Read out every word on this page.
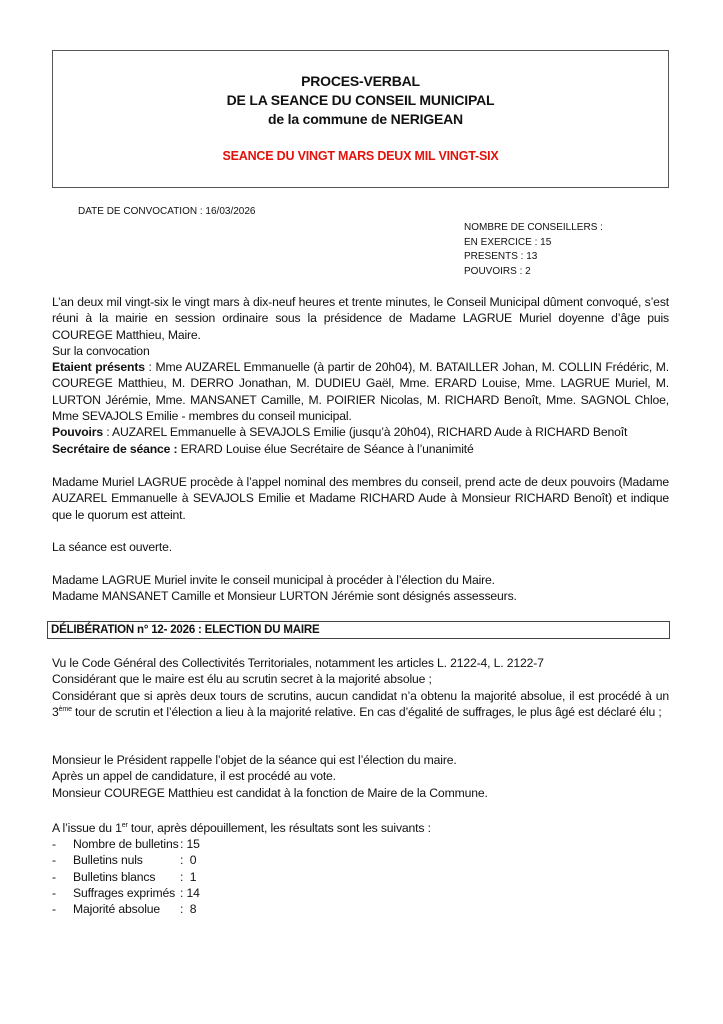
PROCES-VERBAL
DE LA SEANCE DU CONSEIL MUNICIPAL
de la commune de NERIGEAN
SEANCE DU VINGT MARS DEUX MIL VINGT-SIX
DATE DE CONVOCATION : 16/03/2026
NOMBRE DE CONSEILLERS :
EN EXERCICE : 15
PRESENTS : 13
POUVOIRS : 2

L’an deux mil vingt-six le vingt mars à dix-neuf heures et trente minutes, le Conseil Municipal dûment convoqué, s’est réuni à la mairie en session ordinaire sous la présidence de Madame LAGRUE Muriel doyenne d’âge puis COUREGE Matthieu, Maire.

Sur la convocation

Etaient présents : Mme AUZAREL Emmanuelle (à partir de 20h04), M. BATAILLER Johan, M. COLLIN Frédéric, M. COUREGE Matthieu, M. DERRO Jonathan, M. DUDIEU Gaël, Mme. ERARD Louise, Mme. LAGRUE Muriel, M. LURTON Jérémie, Mme. MANSANET Camille, M. POIRIER Nicolas, M. RICHARD Benoît, Mme. SAGNOL Chloe, Mme SEVAJOLS Emilie - membres du conseil municipal.

Pouvoirs : AUZAREL Emmanuelle à SEVAJOLS Emilie (jusqu’à 20h04), RICHARD Aude à RICHARD Benoît

Secrétaire de séance : ERARD Louise élue Secrétaire de Séance à l’unanimité

Madame Muriel LAGRUE procède à l’appel nominal des membres du conseil, prend acte de deux pouvoirs (Madame AUZAREL Emmanuelle à SEVAJOLS Emilie et Madame RICHARD Aude à Monsieur RICHARD Benoît) et indique que le quorum est atteint.

La séance est ouverte.

Madame LAGRUE Muriel invite le conseil municipal à procéder à l’élection du Maire.

Madame MANSANET Camille et Monsieur LURTON Jérémie sont désignés assesseurs.

DÉLIBÉRATION n° 12- 2026 : ELECTION DU MAIRE

Vu le Code Général des Collectivités Territoriales, notamment les articles L. 2122-4, L. 2122-7

Considérant que le maire est élu au scrutin secret à la majorité absolue ;

Considérant que si après deux tours de scrutins, aucun candidat n’a obtenu la majorité absolue, il est procédé à un 3ème tour de scrutin et l’élection a lieu à la majorité relative. En cas d’égalité de suffrages, le plus âgé est déclaré élu ;

Monsieur le Président rappelle l’objet de la séance qui est l’élection du maire.

Après un appel de candidature, il est procédé au vote.

Monsieur COUREGE Matthieu est candidat à la fonction de Maire de la Commune.

A l’issue du 1er tour, après dépouillement, les résultats sont les suivants :

-	Nombre de bulletins : 15
-	Bulletins nuls	:  0
-	Bulletins blancs	:  1
-	Suffrages exprimés : 14
-	Majorité absolue	:  8
